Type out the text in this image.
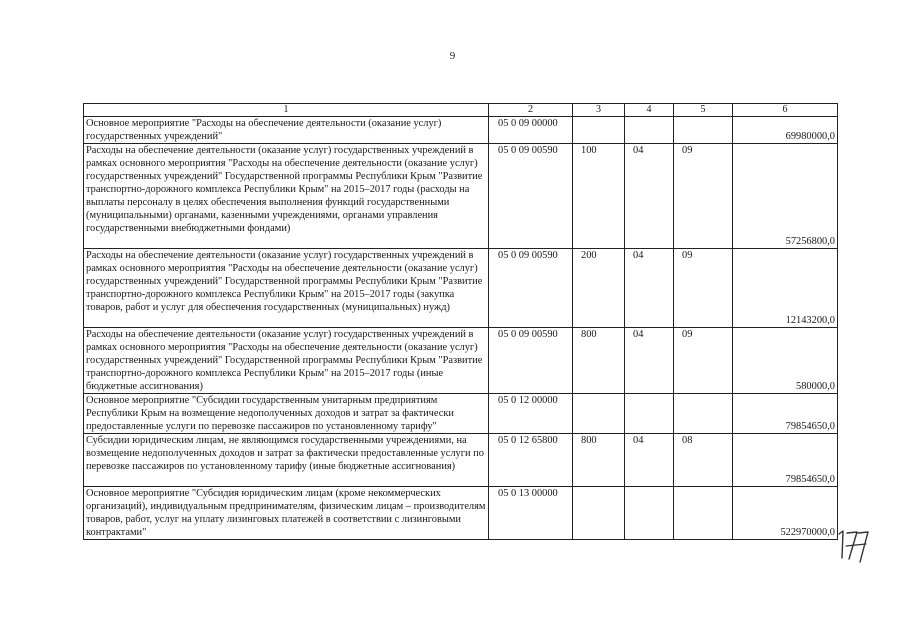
9
1	2	3	4	5	6
Основное мероприятие "Расходы на обеспечение деятельности (оказание услуг) государственных учреждений"	05 0 09 00000				69980000,0
Расходы на обеспечение деятельности (оказание услуг) государственных учреждений в рамках основного мероприятия "Расходы на обеспечение деятельности (оказание услуг) государственных учреждений" Государственной программы Республики Крым "Развитие транспортно-дорожного комплекса Республики Крым" на 2015–2017 годы (расходы на выплаты персоналу в целях обеспечения выполнения функций государственными (муниципальными) органами, казенными учреждениями, органами управления государственными внебюджетными фондами)	05 0 09 00590	100	04	09	57256800,0
Расходы на обеспечение деятельности (оказание услуг) государственных учреждений в рамках основного мероприятия "Расходы на обеспечение деятельности (оказание услуг) государственных учреждений" Государственной программы Республики Крым "Развитие транспортно-дорожного комплекса Республики Крым" на 2015–2017 годы (закупка товаров, работ и услуг для обеспечения государственных (муниципальных) нужд)	05 0 09 00590	200	04	09	12143200,0
Расходы на обеспечение деятельности (оказание услуг) государственных учреждений в рамках основного мероприятия "Расходы на обеспечение деятельности (оказание услуг) государственных учреждений" Государственной программы Республики Крым "Развитие транспортно-дорожного комплекса Республики Крым" на 2015–2017 годы (иные бюджетные ассигнования)	05 0 09 00590	800	04	09	580000,0
Основное мероприятие "Субсидии государственным унитарным предприятиям Республики Крым на возмещение недополученных доходов и затрат за фактически предоставленные услуги по перевозке пассажиров по установленному тарифу"	05 0 12 00000				79854650,0
Субсидии юридическим лицам, не являющимся государственными учреждениями, на возмещение недополученных доходов и затрат за фактически предоставленные услуги по перевозке пассажиров по установленному тарифу (иные бюджетные ассигнования)	05 0 12 65800	800	04	08	79854650,0
Основное мероприятие "Субсидия юридическим лицам (кроме некоммерческих организаций), индивидуальным предпринимателям, физическим лицам – производителям товаров, работ, услуг на уплату лизинговых платежей в соответствии с лизинговыми контрактами"	05 0 13 00000				522970000,0
